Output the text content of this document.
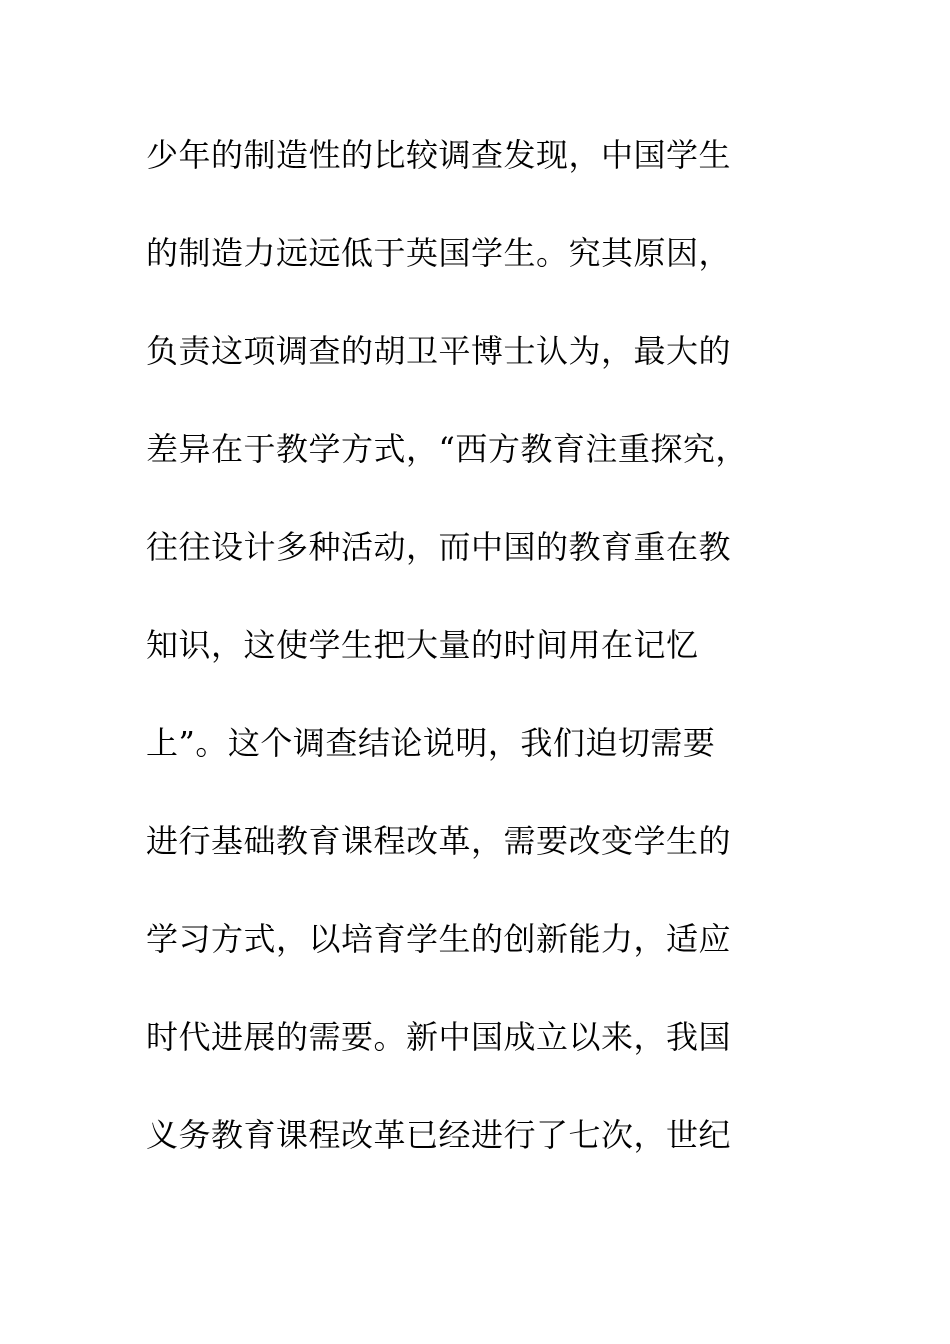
少年的制造性的比较调查发现，中国学生
的制造力远远低于英国学生。究其原因，
负责这项调查的胡卫平博士认为，最大的
差异在于教学方式，“西方教育注重探究，
往往设计多种活动，而中国的教育重在教
知识，这使学生把大量的时间用在记忆
上”。这个调查结论说明，我们迫切需要
进行基础教育课程改革，需要改变学生的
学习方式，以培育学生的创新能力，适应
时代进展的需要。新中国成立以来，我国
义务教育课程改革已经进行了七次，世纪
